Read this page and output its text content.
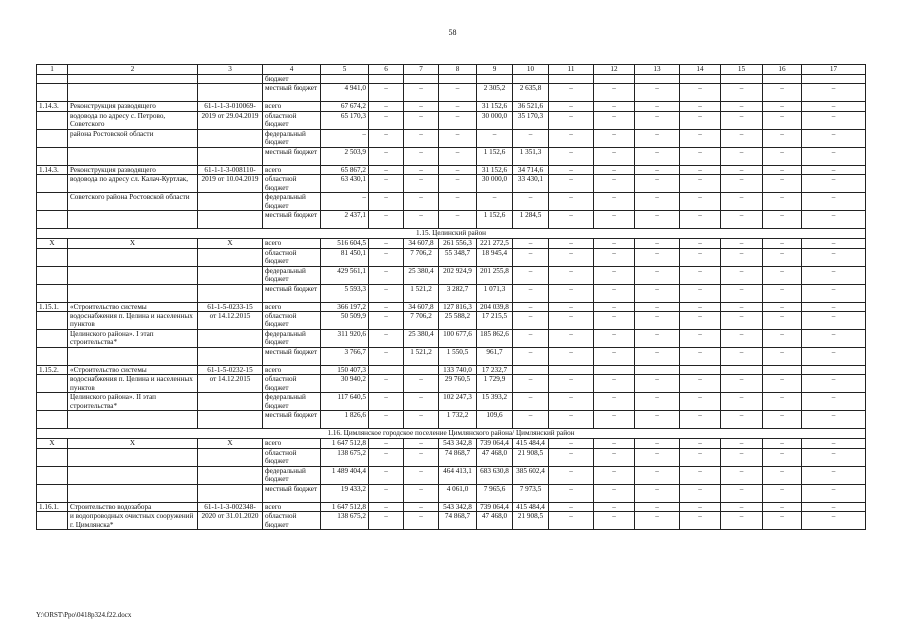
58
1	2	3	4	5	6	7	8	9	10	11	12	13	14	15	16	17
			бюджет													
			местный бюджет	4 941,0	–	–	–	2 305,2	2 635,8	–	–	–	–	–	–	–
1.14.3.	Реконструкция разводящего	61-1-1-3-010069-	всего	67 674,2	–	–	–	31 152,6	36 521,6	–	–	–	–	–	–	–
	водовода по адресу с. Петрово, Советского	2019 от 29.04.2019	областной бюджет	65 170,3	–	–	–	30 000,0	35 170,3	–	–	–	–	–	–	–
	района Ростовской области		федеральный бюджет	–	–	–	–	–	–	–	–	–	–	–	–	–
			местный бюджет	2 503,9	–	–	–	1 152,6	1 351,3	–	–	–	–	–	–	–
1.14.3.	Реконструкция разводящего	61-1-1-3-008110-	всего	65 867,2	–	–	–	31 152,6	34 714,6	–	–	–	–	–	–	–
	водовода по адресу сл. Калач-Куртлак,	2019 от 10.04.2019	областной бюджет	63 430,1	–	–	–	30 000,0	33 430,1	–	–	–	–	–	–	–
	Советского района Ростовской области		федеральный бюджет	–	–	–	–	–	–	–	–	–	–	–	–	–
			местный бюджет	2 437,1	–	–	–	1 152,6	1 284,5	–	–	–	–	–	–	–
1.15. Целинский район																
Х	Х	Х	всего	516 604,5	–	34 607,8	261 556,3	221 272,5	–	–	–	–	–	–	–	–
			областной бюджет	81 450,1	–	7 706,2	55 348,7	18 945,4	–	–	–	–	–	–	–	–
			федеральный бюджет	429 561,1	–	25 380,4	202 924,9	201 255,8	–	–	–	–	–	–	–	–
			местный бюджет	5 593,3	–	1 521,2	3 282,7	1 071,3	–	–	–	–	–	–	–	–
1.15.1.	«Строительство системы	61-1-5-0233-15	всего	366 197,2	–	34 607,8	127 816,3	204 039,8	–	–	–	–	–	–	–	–
	водоснабжения п. Целина и населенных пунктов	от 14.12.2015	областной бюджет	50 509,9	–	7 706,2	25 588,2	17 215,5	–	–	–	–	–	–	–	–
	Целинского района». I этап строительства*		федеральный бюджет	311 920,6	–	25 380,4	100 677,6	185 862,6	–	–	–	–	–	–	–	–
			местный бюджет	3 766,7	–	1 521,2	1 550,5	961,7	–	–	–	–	–	–	–	–
1.15.2.	«Строительство системы	61-1-5-0232-15	всего	150 407,3			133 740,0	17 232,7								
	водоснабжения п. Целина и населенных пунктов	от 14.12.2015	областной бюджет	30 940,2	–	–	29 760,5	1 729,9	–	–	–	–	–	–	–	–
	Целинского района». II этап строительства*		федеральный бюджет	117 640,5	–	–	102 247,3	15 393,2	–	–	–	–	–	–	–	–
			местный бюджет	1 826,6	–	–	1 732,2	109,6	–	–	–	–	–	–	–	–
1.16. Цимлянское городское поселение Цимлянского района/ Цимлянский район																
Х	Х	Х	всего	1 647 512,8	–	–	543 342,8	739 064,4	415 484,4	–	–	–	–	–	–	–
			областной бюджет	138 675,2	–	–	74 868,7	47 468,0	21 908,5	–	–	–	–	–	–	–
			федеральный бюджет	1 489 404,4	–	–	464 413,1	683 630,8	385 602,4	–	–	–	–	–	–	–
			местный бюджет	19 433,2	–	–	4 061,0	7 965,6	7 973,5	–	–	–	–	–	–	–
1.16.1.	Строительство водозабора	61-1-1-3-002348-	всего	1 647 512,8	–	–	543 342,8	739 064,4	415 484,4	–	–	–	–	–	–	–
	и водопроводных очистных сооружений г. Цимлянска*	2020 от 31.01.2020	областной бюджет	138 675,2	–	–	74 868,7	47 468,0	21 908,5	–	–	–	–	–	–	–
Y:\ORST\Ppo\0418p324.f22.docx
